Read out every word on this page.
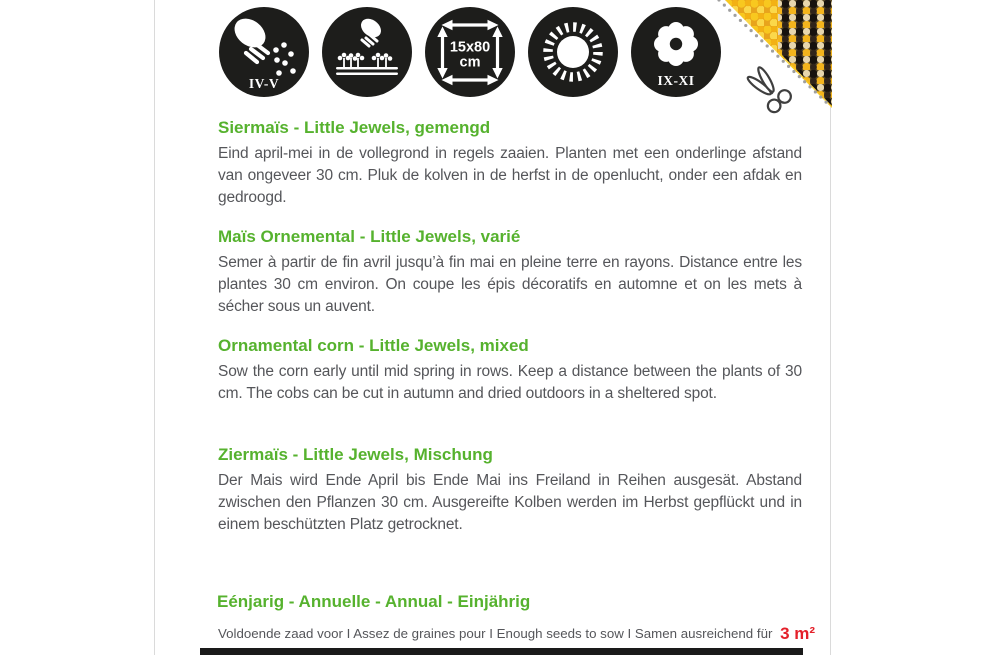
IV-V
15x80
cm
IX-XI
Siermaïs - Little Jewels, gemengd

Eind april-mei in de vollegrond in regels zaaien. Planten met een onderlinge afstand van ongeveer 30 cm. Pluk de kolven in de herfst in de openlucht, onder een afdak en gedroogd.

Maïs Ornemental - Little Jewels, varié

Semer à partir de fin avril jusqu’à fin mai en pleine terre en rayons. Distance entre les plantes 30 cm environ. On coupe les épis décoratifs en automne et on les mets à sécher sous un auvent.

Ornamental corn - Little Jewels, mixed

Sow the corn early until mid spring in rows. Keep a distance between the plants of 30 cm. The cobs can be cut in autumn and dried outdoors in a sheltered spot.

Ziermaïs - Little Jewels, Mischung

Der Mais wird Ende April bis Ende Mai ins Freiland in Reihen ausgesät. Abstand zwischen den Pflanzen 30 cm. Ausgereifte Kolben werden im Herbst gepflückt und in einem beschützten Platz getrocknet.

Eénjarig - Annuelle - Annual - Einjährig
Voldoende zaad voor I Assez de graines pour I Enough seeds to sow I Samen ausreichend für 3 m²
